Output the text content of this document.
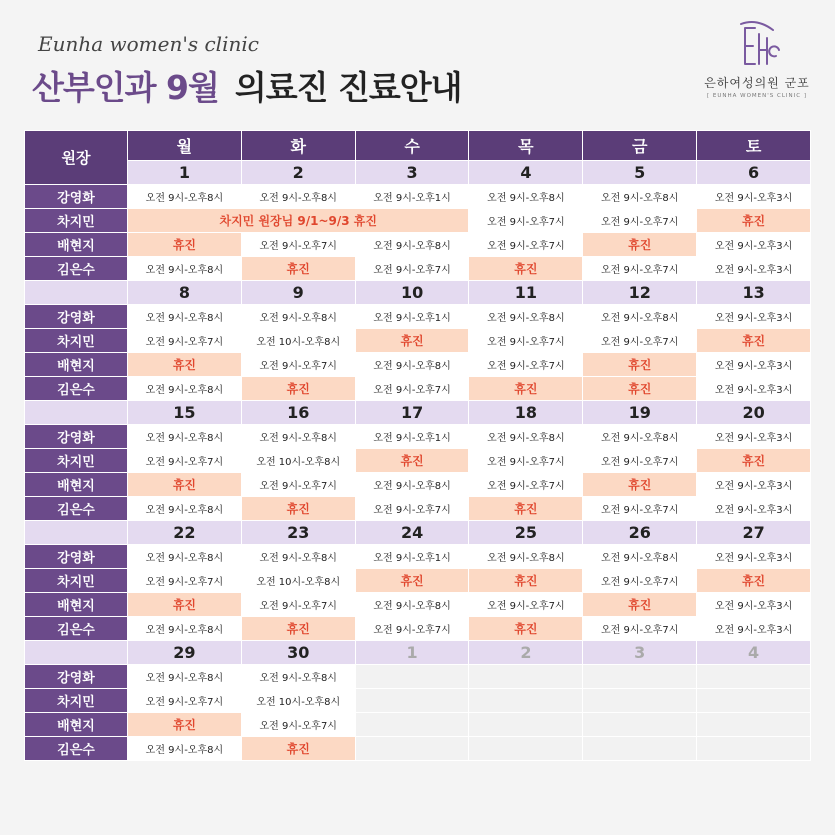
Eunha women's clinic
산부인과 9월 의료진 진료안내	은하여성의원 군포
[ EUNHA WOMEN'S CLINIC ]
원장	월	화	수	목	금	토
	1	2	3	4	5	6
강영화	오전 9시-오후8시	오전 9시-오후8시	오전 9시-오후1시	오전 9시-오후8시	오전 9시-오후8시	오전 9시-오후3시
차지민	차지민 원장님 9/1~9/3 휴진			오전 9시-오후7시	오전 9시-오후7시	휴진
배현지	휴진	오전 9시-오후7시	오전 9시-오후8시	오전 9시-오후7시	휴진	오전 9시-오후3시
김은수	오전 9시-오후8시	휴진	오전 9시-오후7시	휴진	오전 9시-오후7시	오전 9시-오후3시
	8	9	10	11	12	13
강영화	오전 9시-오후8시	오전 9시-오후8시	오전 9시-오후1시	오전 9시-오후8시	오전 9시-오후8시	오전 9시-오후3시
차지민	오전 9시-오후7시	오전 10시-오후8시	휴진	오전 9시-오후7시	오전 9시-오후7시	휴진
배현지	휴진	오전 9시-오후7시	오전 9시-오후8시	오전 9시-오후7시	휴진	오전 9시-오후3시
김은수	오전 9시-오후8시	휴진	오전 9시-오후7시	휴진	휴진	오전 9시-오후3시
	15	16	17	18	19	20
강영화	오전 9시-오후8시	오전 9시-오후8시	오전 9시-오후1시	오전 9시-오후8시	오전 9시-오후8시	오전 9시-오후3시
차지민	오전 9시-오후7시	오전 10시-오후8시	휴진	오전 9시-오후7시	오전 9시-오후7시	휴진
배현지	휴진	오전 9시-오후7시	오전 9시-오후8시	오전 9시-오후7시	휴진	오전 9시-오후3시
김은수	오전 9시-오후8시	휴진	오전 9시-오후7시	휴진	오전 9시-오후7시	오전 9시-오후3시
	22	23	24	25	26	27
강영화	오전 9시-오후8시	오전 9시-오후8시	오전 9시-오후1시	오전 9시-오후8시	오전 9시-오후8시	오전 9시-오후3시
차지민	오전 9시-오후7시	오전 10시-오후8시	휴진	휴진	오전 9시-오후7시	휴진
배현지	휴진	오전 9시-오후7시	오전 9시-오후8시	오전 9시-오후7시	휴진	오전 9시-오후3시
김은수	오전 9시-오후8시	휴진	오전 9시-오후7시	휴진	오전 9시-오후7시	오전 9시-오후3시
	29	30	1	2	3	4
강영화	오전 9시-오후8시	오전 9시-오후8시				
차지민	오전 9시-오후7시	오전 10시-오후8시				
배현지	휴진	오전 9시-오후7시				
김은수	오전 9시-오후8시	휴진				
